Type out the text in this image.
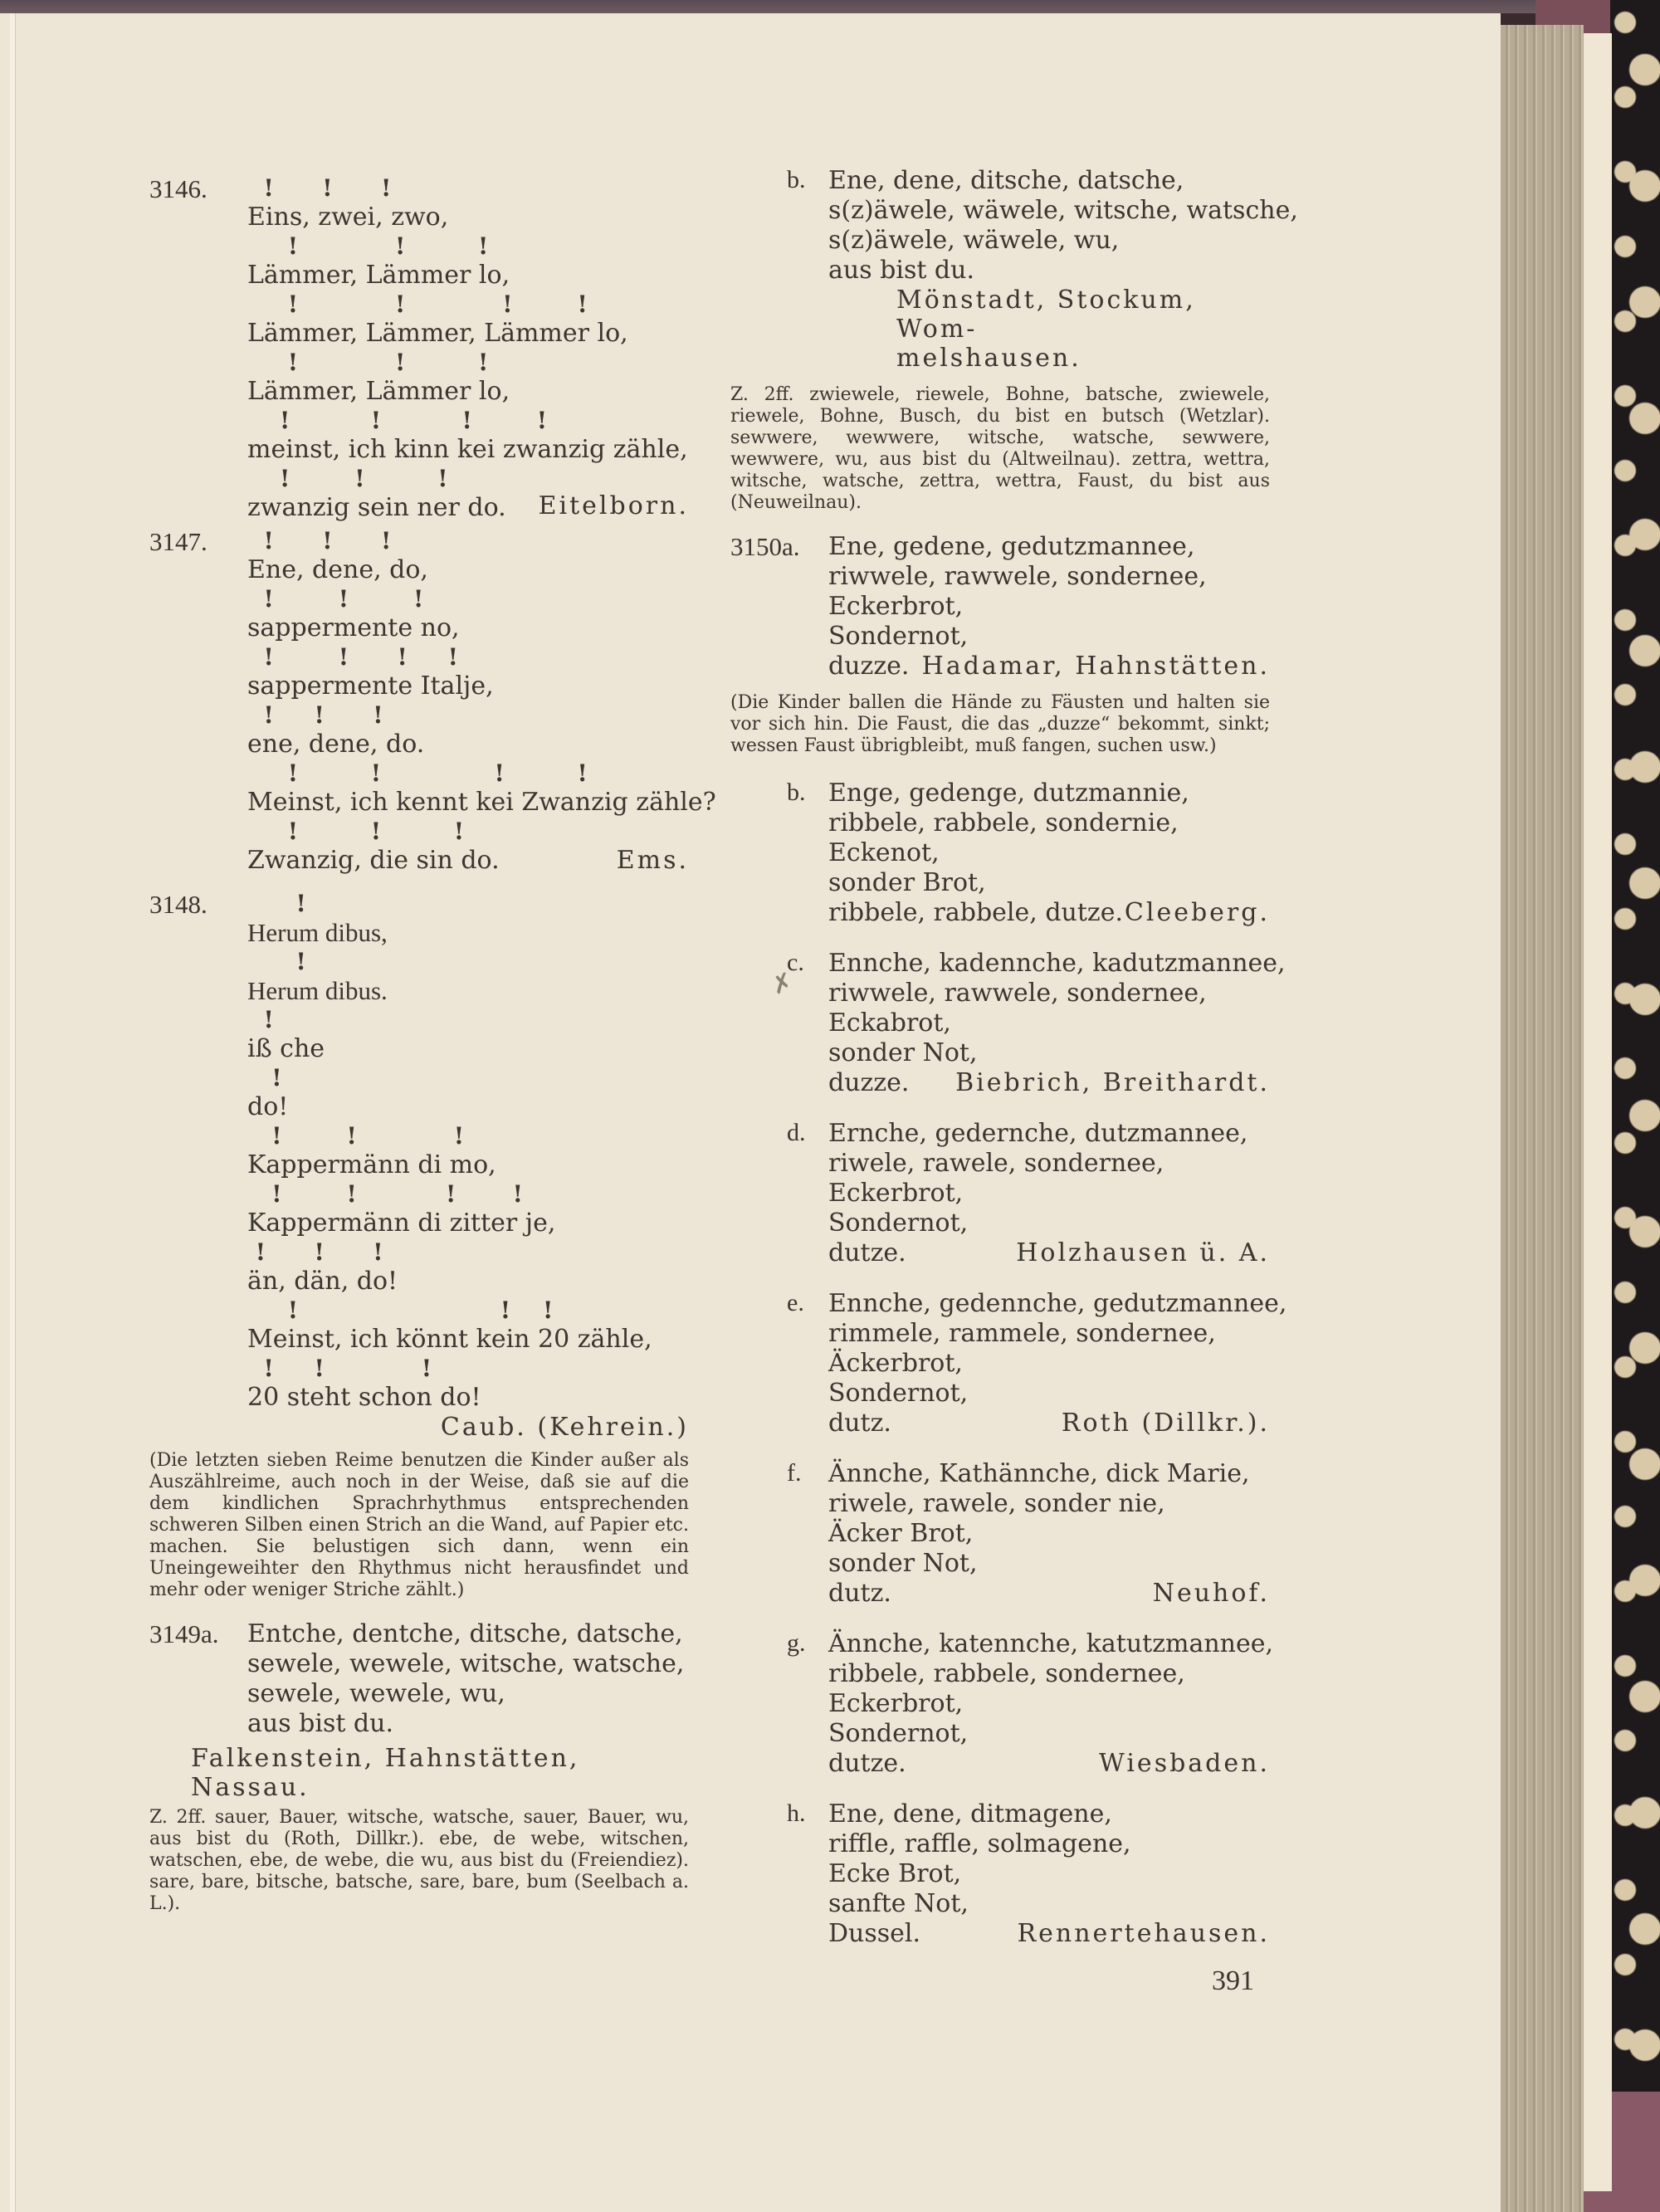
3146. !      !      !
Eins, zwei, zwo,
!            !         !
Lämmer, Lämmer lo,
!            !            !        !
Lämmer, Lämmer, Lämmer lo,
!            !         !
Lämmer, Lämmer lo,
!          !          !        !
meinst, ich kinn kei zwanzig zähle,
!        !         !
zwanzig sein ner do.	Eitelborn.
3147. !      !      !
Ene, dene, do,
!        !        !
sappermente no,
!        !      !     !
sappermente Italje,
!     !      !
ene, dene, do.
!         !              !         !
Meinst, ich kennt kei Zwanzig zähle?
!         !         !
Zwanzig, die sin do.	Ems.
3148. !
Herum dibus,
!
Herum dibus.
!
iß che
!
do!
!        !            !
Kappermänn di mo,
!        !           !       !
Kappermänn di zitter je,
!      !      !
än, dän, do!
!                         !    !
Meinst, ich könnt kein 20 zähle,
!     !            !
20 steht schon do!
Caub. (Kehrein.)
(Die letzten sieben Reime benutzen die Kinder außer als Auszählreime, auch noch in der Weise, daß sie auf die dem kindlichen Sprachrhythmus entsprechenden schweren Silben einen Strich an die Wand, auf Papier etc. machen. Sie belustigen sich dann, wenn ein Uneingeweihter den Rhythmus nicht herausfindet und mehr oder weniger Striche zählt.)
3149a. Entche, dentche, ditsche, datsche,
sewele, wewele, witsche, watsche,
sewele, wewele, wu,
aus bist du.
Falkenstein, Hahnstätten, Nassau.
Z. 2ff. sauer, Bauer, witsche, watsche, sauer, Bauer, wu, aus bist du (Roth, Dillkr.). ebe, de webe, witschen, watschen, ebe, de webe, die wu, aus bist du (Freiendiez). sare, bare, bitsche, batsche, sare, bare, bum (Seelbach a. L.).
b. Ene, dene, ditsche, datsche,
s(z)äwele, wäwele, witsche, watsche,
s(z)äwele, wäwele, wu,
aus bist du.
Mönstadt, Stockum, Wom-
melshausen.
Z. 2ff. zwiewele, riewele, Bohne, batsche, zwiewele, riewele, Bohne, Busch, du bist en butsch (Wetzlar). sewwere, wewwere, witsche, watsche, sewwere, wewwere, wu, aus bist du (Altweilnau). zettra, wettra, witsche, watsche, zettra, wettra, Faust, du bist aus (Neuweilnau).
3150a. Ene, gedene, gedutzmannee,
riwwele, rawwele, sondernee,
Eckerbrot,
Sondernot,
duzze. Hadamar, Hahnstätten.
(Die Kinder ballen die Hände zu Fäusten und halten sie vor sich hin. Die Faust, die das „duzze“ bekommt, sinkt; wessen Faust übrigbleibt, muß fangen, suchen usw.)
b. Enge, gedenge, dutzmannie,
ribbele, rabbele, sondernie,
Eckenot,
sonder Brot,
ribbele, rabbele, dutze. Cleeberg.
c. Ennche, kadennche, kadutzmannee,
riwwele, rawwele, sondernee,
Eckabrot,
sonder Not,
duzze.	Biebrich, Breithardt.
d. Ernche, gedernche, dutzmannee,
riwele, rawele, sondernee,
Eckerbrot,
Sondernot,
dutze.	Holzhausen ü. A.
e. Ennche, gedennche, gedutzmannee,
rimmele, rammele, sondernee,
Äckerbrot,
Sondernot,
dutz.	Roth (Dillkr.).
f. Ännche, Kathännche, dick Marie,
riwele, rawele, sonder nie,
Äcker Brot,
sonder Not,
dutz.	Neuhof.
g. Ännche, katennche, katutzmannee,
ribbele, rabbele, sondernee,
Eckerbrot,
Sondernot,
dutze.	Wiesbaden.
h. Ene, dene, ditmagene,
riffle, raffle, solmagene,
Ecke Brot,
sanfte Not,
Dussel.	Rennertehausen.
✗
391
